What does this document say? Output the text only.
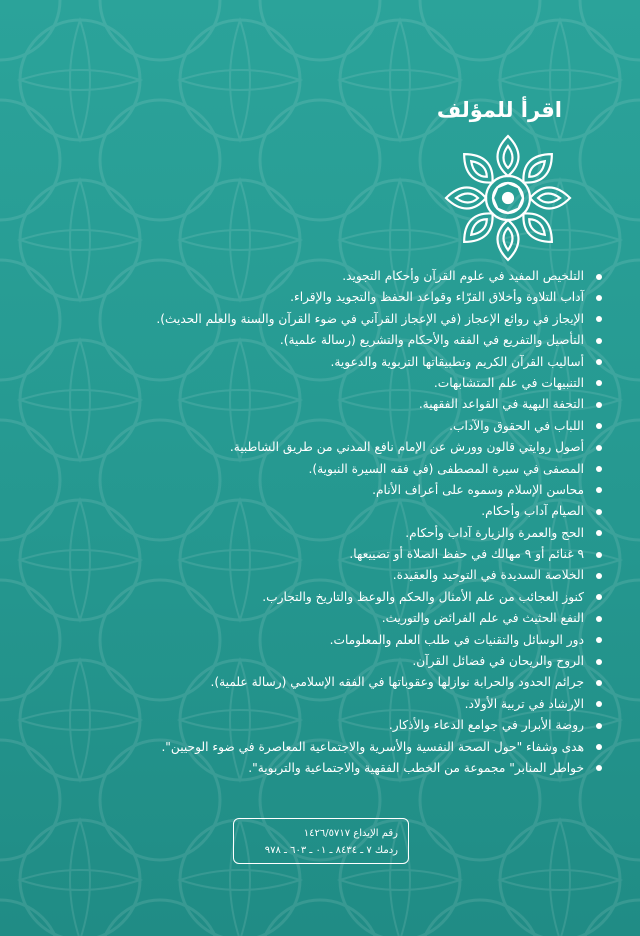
اقرأ للمؤلف
التلخيص المفيد في علوم القرآن وأحكام التجويد.
آداب التلاوة وأخلاق القرّاء وقواعد الحفظ والتجويد والإقراء.
الإيجاز في روائع الإعجاز (في الإعجاز القرآني في ضوء القرآن والسنة والعلم الحديث).
التأصيل والتفريع في الفقه والأحكام والتشريع (رسالة علمية).
أساليب القرآن الكريم وتطبيقاتها التربوية والدعوية.
التنبيهات في علم المتشابهات.
التحفة البهية في القواعد الفقهية.
اللباب في الحقوق والآداب.
أصول روايتي قالون وورش عن الإمام نافع المدني من طريق الشاطبية.
المصفى في سيرة المصطفى (في فقه السيرة النبوية).
محاسن الإسلام وسموه على أعراف الأنام.
الصيام آداب وأحكام.
الحج والعمرة والزيارة آداب وأحكام.
٩ غنائم أو ٩ مهالك في حفظ الصلاة أو تضييعها.
الخلاصة السديدة في التوحيد والعقيدة.
كنوز العجائب من علم الأمثال والحكم والوعظ والتاريخ والتجارب.
النفع الحثيث في علم الفرائض والتوريث.
دور الوسائل والتقنيات في طلب العلم والمعلومات.
الروح والريحان في فضائل القرآن.
جرائم الحدود والحرابة نوازلها وعقوباتها في الفقه الإسلامي (رسالة علمية).
الإرشاد في تربية الأولاد.
روضة الأبرار في جوامع الدعاء والأذكار.
هدى وشفاء "حول الصحة النفسية والأسرية والاجتماعية المعاصرة في ضوء الوحيين".
خواطر المنابر" مجموعة من الخطب الفقهية والاجتماعية والتربوية".
رقم الإيداع ١٤٢٦/٥٧١٧
ردمك ٧ ـ ٨٤٣٤ ـ ٠١ ـ ٦٠٣ ـ ٩٧٨
